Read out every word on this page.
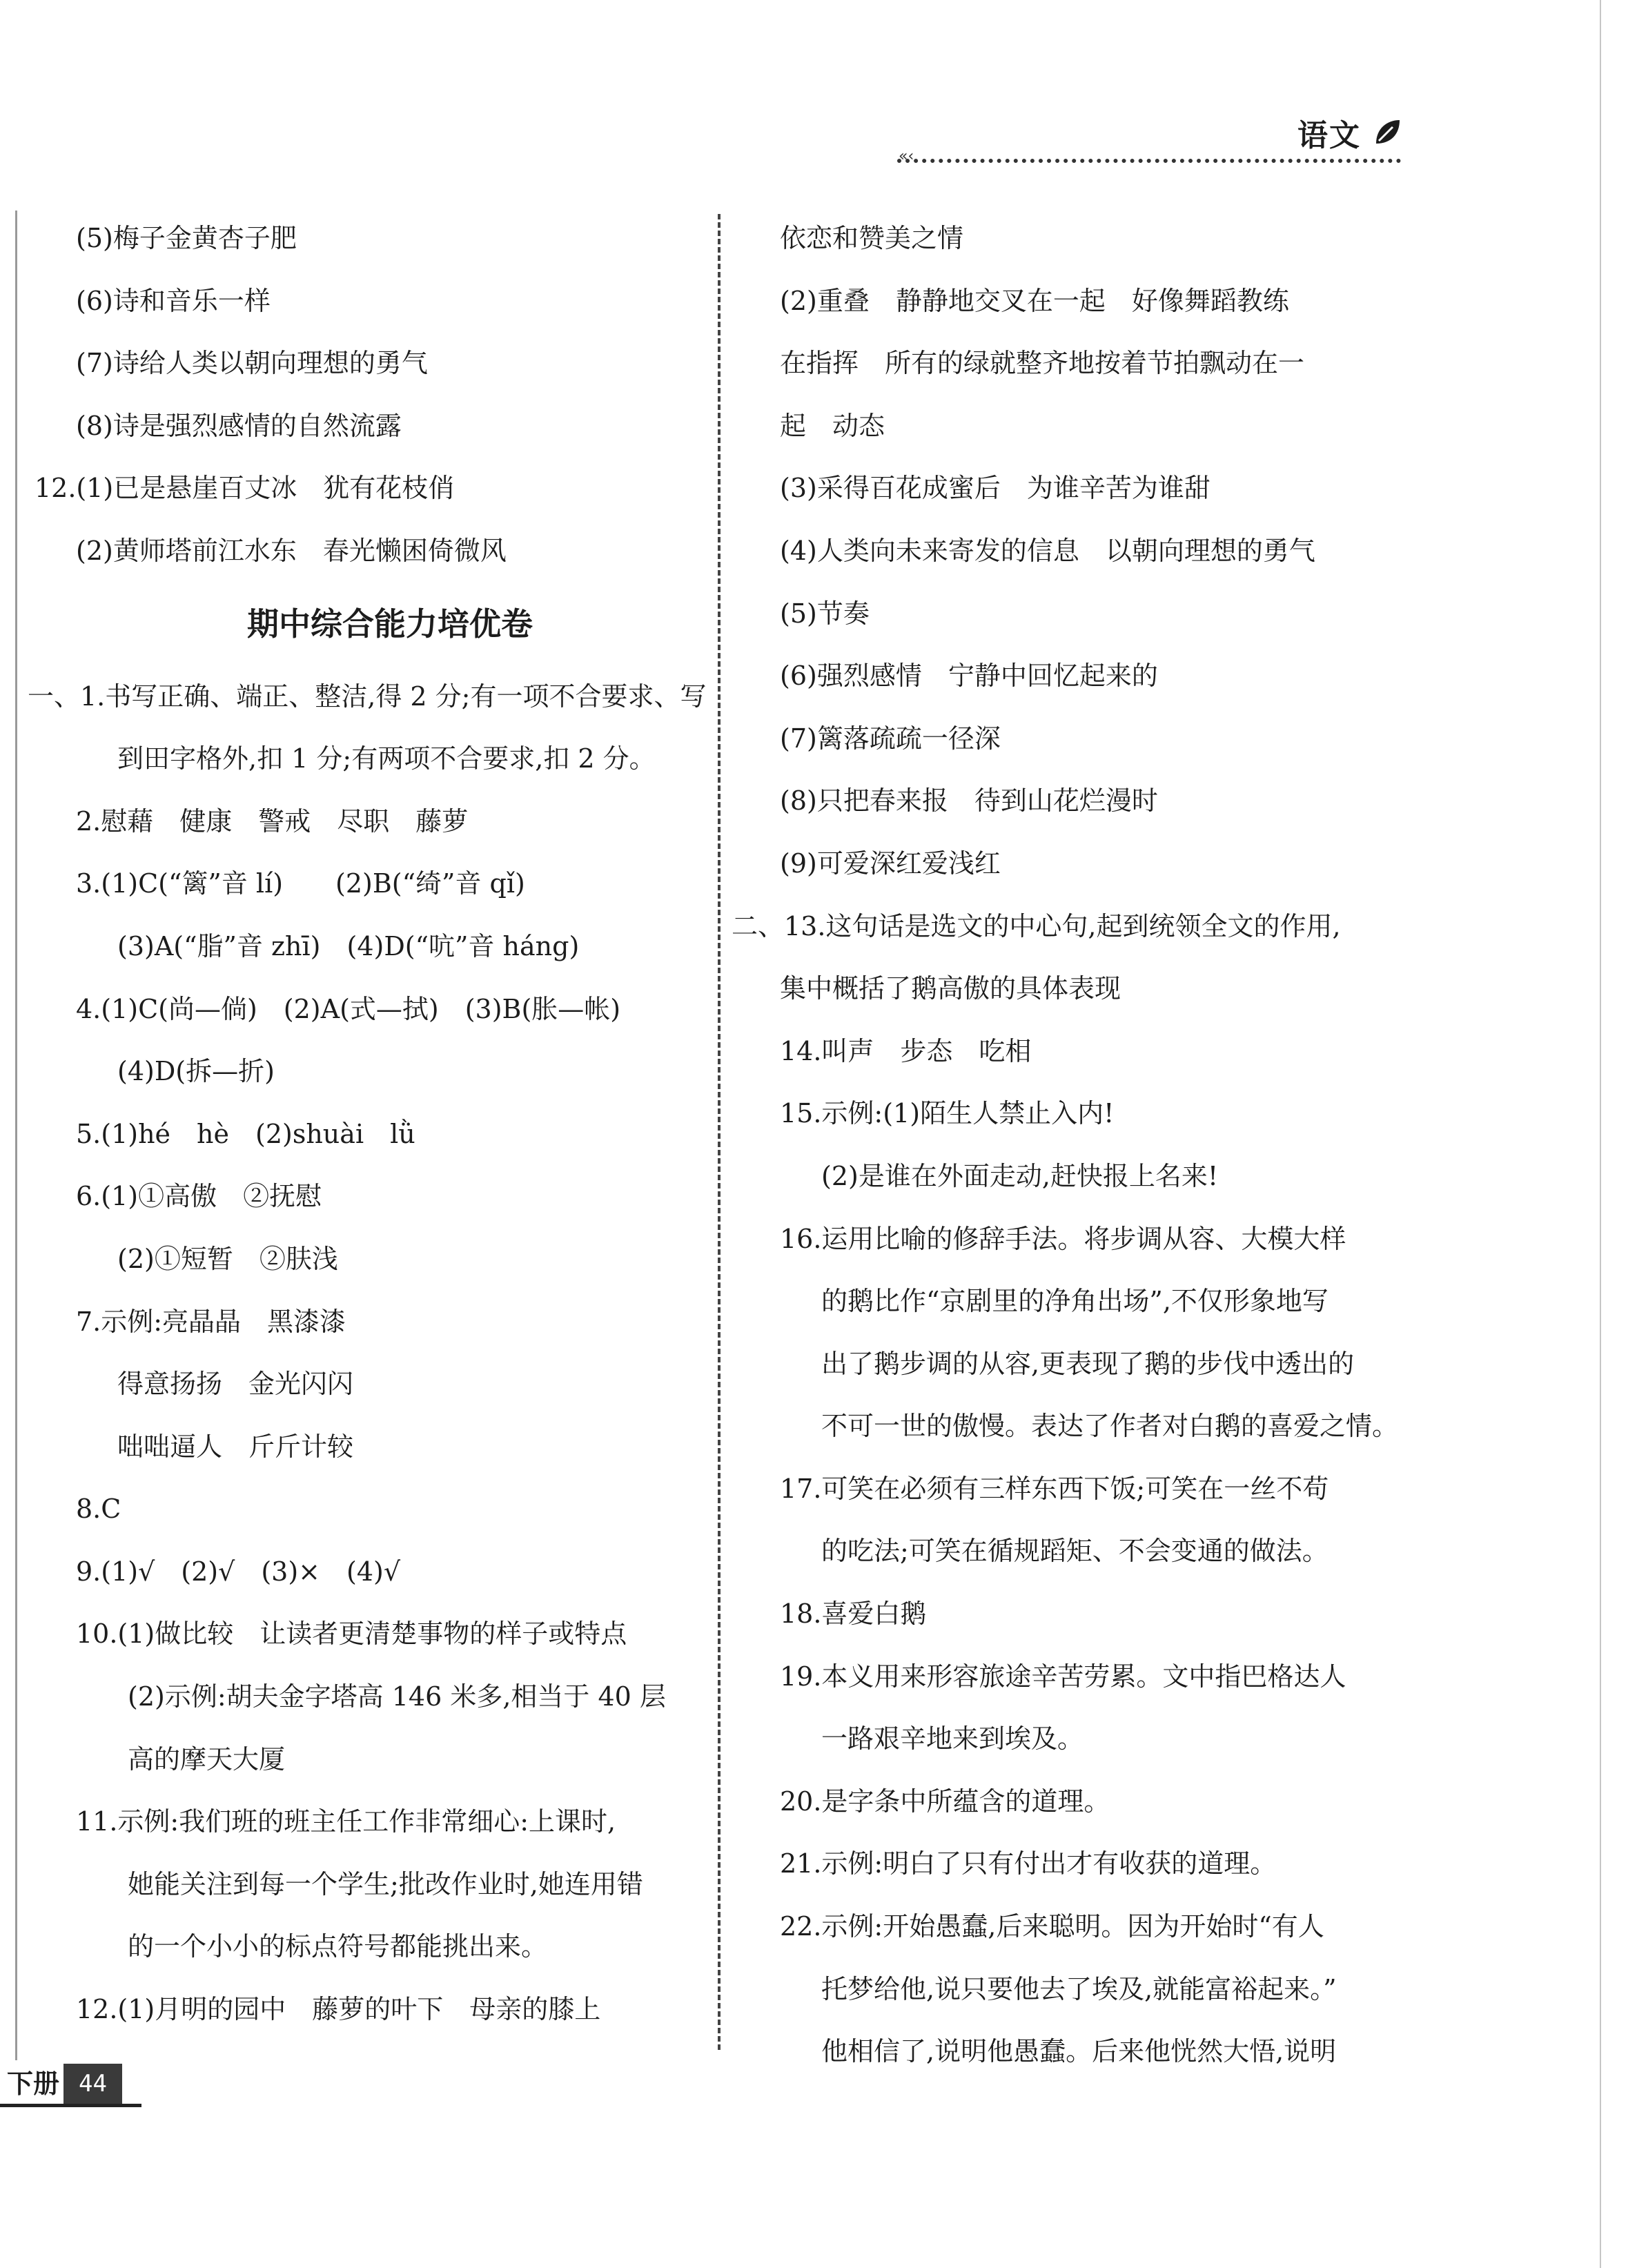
语文
«‹
(5)梅子金黄杏子肥
(6)诗和音乐一样
(7)诗给人类以朝向理想的勇气
(8)诗是强烈感情的自然流露
12.(1)已是悬崖百丈冰　犹有花枝俏
(2)黄师塔前江水东　春光懒困倚微风
期中综合能力培优卷
一、1.书写正确、端正、整洁,得 2 分;有一项不合要求、写
到田字格外,扣 1 分;有两项不合要求,扣 2 分。
2.慰藉　健康　警戒　尽职　藤萝
3.(1)C(“篱”音 lí)　　(2)B(“绮”音 qǐ)
(3)A(“脂”音 zhī)　(4)D(“吭”音 háng)
4.(1)C(尚—倘)　(2)A(式—拭)　(3)B(胀—帐)
(4)D(拆—折)
5.(1)hé　hè　(2)shuài　lǜ
6.(1)①高傲　②抚慰
(2)①短暂　②肤浅
7.示例:亮晶晶　黑漆漆
得意扬扬　金光闪闪
咄咄逼人　斤斤计较
8.C
9.(1)√　(2)√　(3)×　(4)√
10.(1)做比较　让读者更清楚事物的样子或特点
(2)示例:胡夫金字塔高 146 米多,相当于 40 层
高的摩天大厦
11.示例:我们班的班主任工作非常细心:上课时,
她能关注到每一个学生;批改作业时,她连用错
的一个小小的标点符号都能挑出来。
12.(1)月明的园中　藤萝的叶下　母亲的膝上
依恋和赞美之情
(2)重叠　静静地交叉在一起　好像舞蹈教练
在指挥　所有的绿就整齐地按着节拍飘动在一
起　动态
(3)采得百花成蜜后　为谁辛苦为谁甜
(4)人类向未来寄发的信息　以朝向理想的勇气
(5)节奏
(6)强烈感情　宁静中回忆起来的
(7)篱落疏疏一径深
(8)只把春来报　待到山花烂漫时
(9)可爱深红爱浅红
二、13.这句话是选文的中心句,起到统领全文的作用,
集中概括了鹅高傲的具体表现
14.叫声　步态　吃相
15.示例:(1)陌生人禁止入内!
(2)是谁在外面走动,赶快报上名来!
16.运用比喻的修辞手法。将步调从容、大模大样
的鹅比作“京剧里的净角出场”,不仅形象地写
出了鹅步调的从容,更表现了鹅的步伐中透出的
不可一世的傲慢。表达了作者对白鹅的喜爱之情。
17.可笑在必须有三样东西下饭;可笑在一丝不苟
的吃法;可笑在循规蹈矩、不会变通的做法。
18.喜爱白鹅
19.本义用来形容旅途辛苦劳累。文中指巴格达人
一路艰辛地来到埃及。
20.是字条中所蕴含的道理。
21.示例:明白了只有付出才有收获的道理。
22.示例:开始愚蠢,后来聪明。因为开始时“有人
托梦给他,说只要他去了埃及,就能富裕起来。”
他相信了,说明他愚蠢。后来他恍然大悟,说明
下册 44
